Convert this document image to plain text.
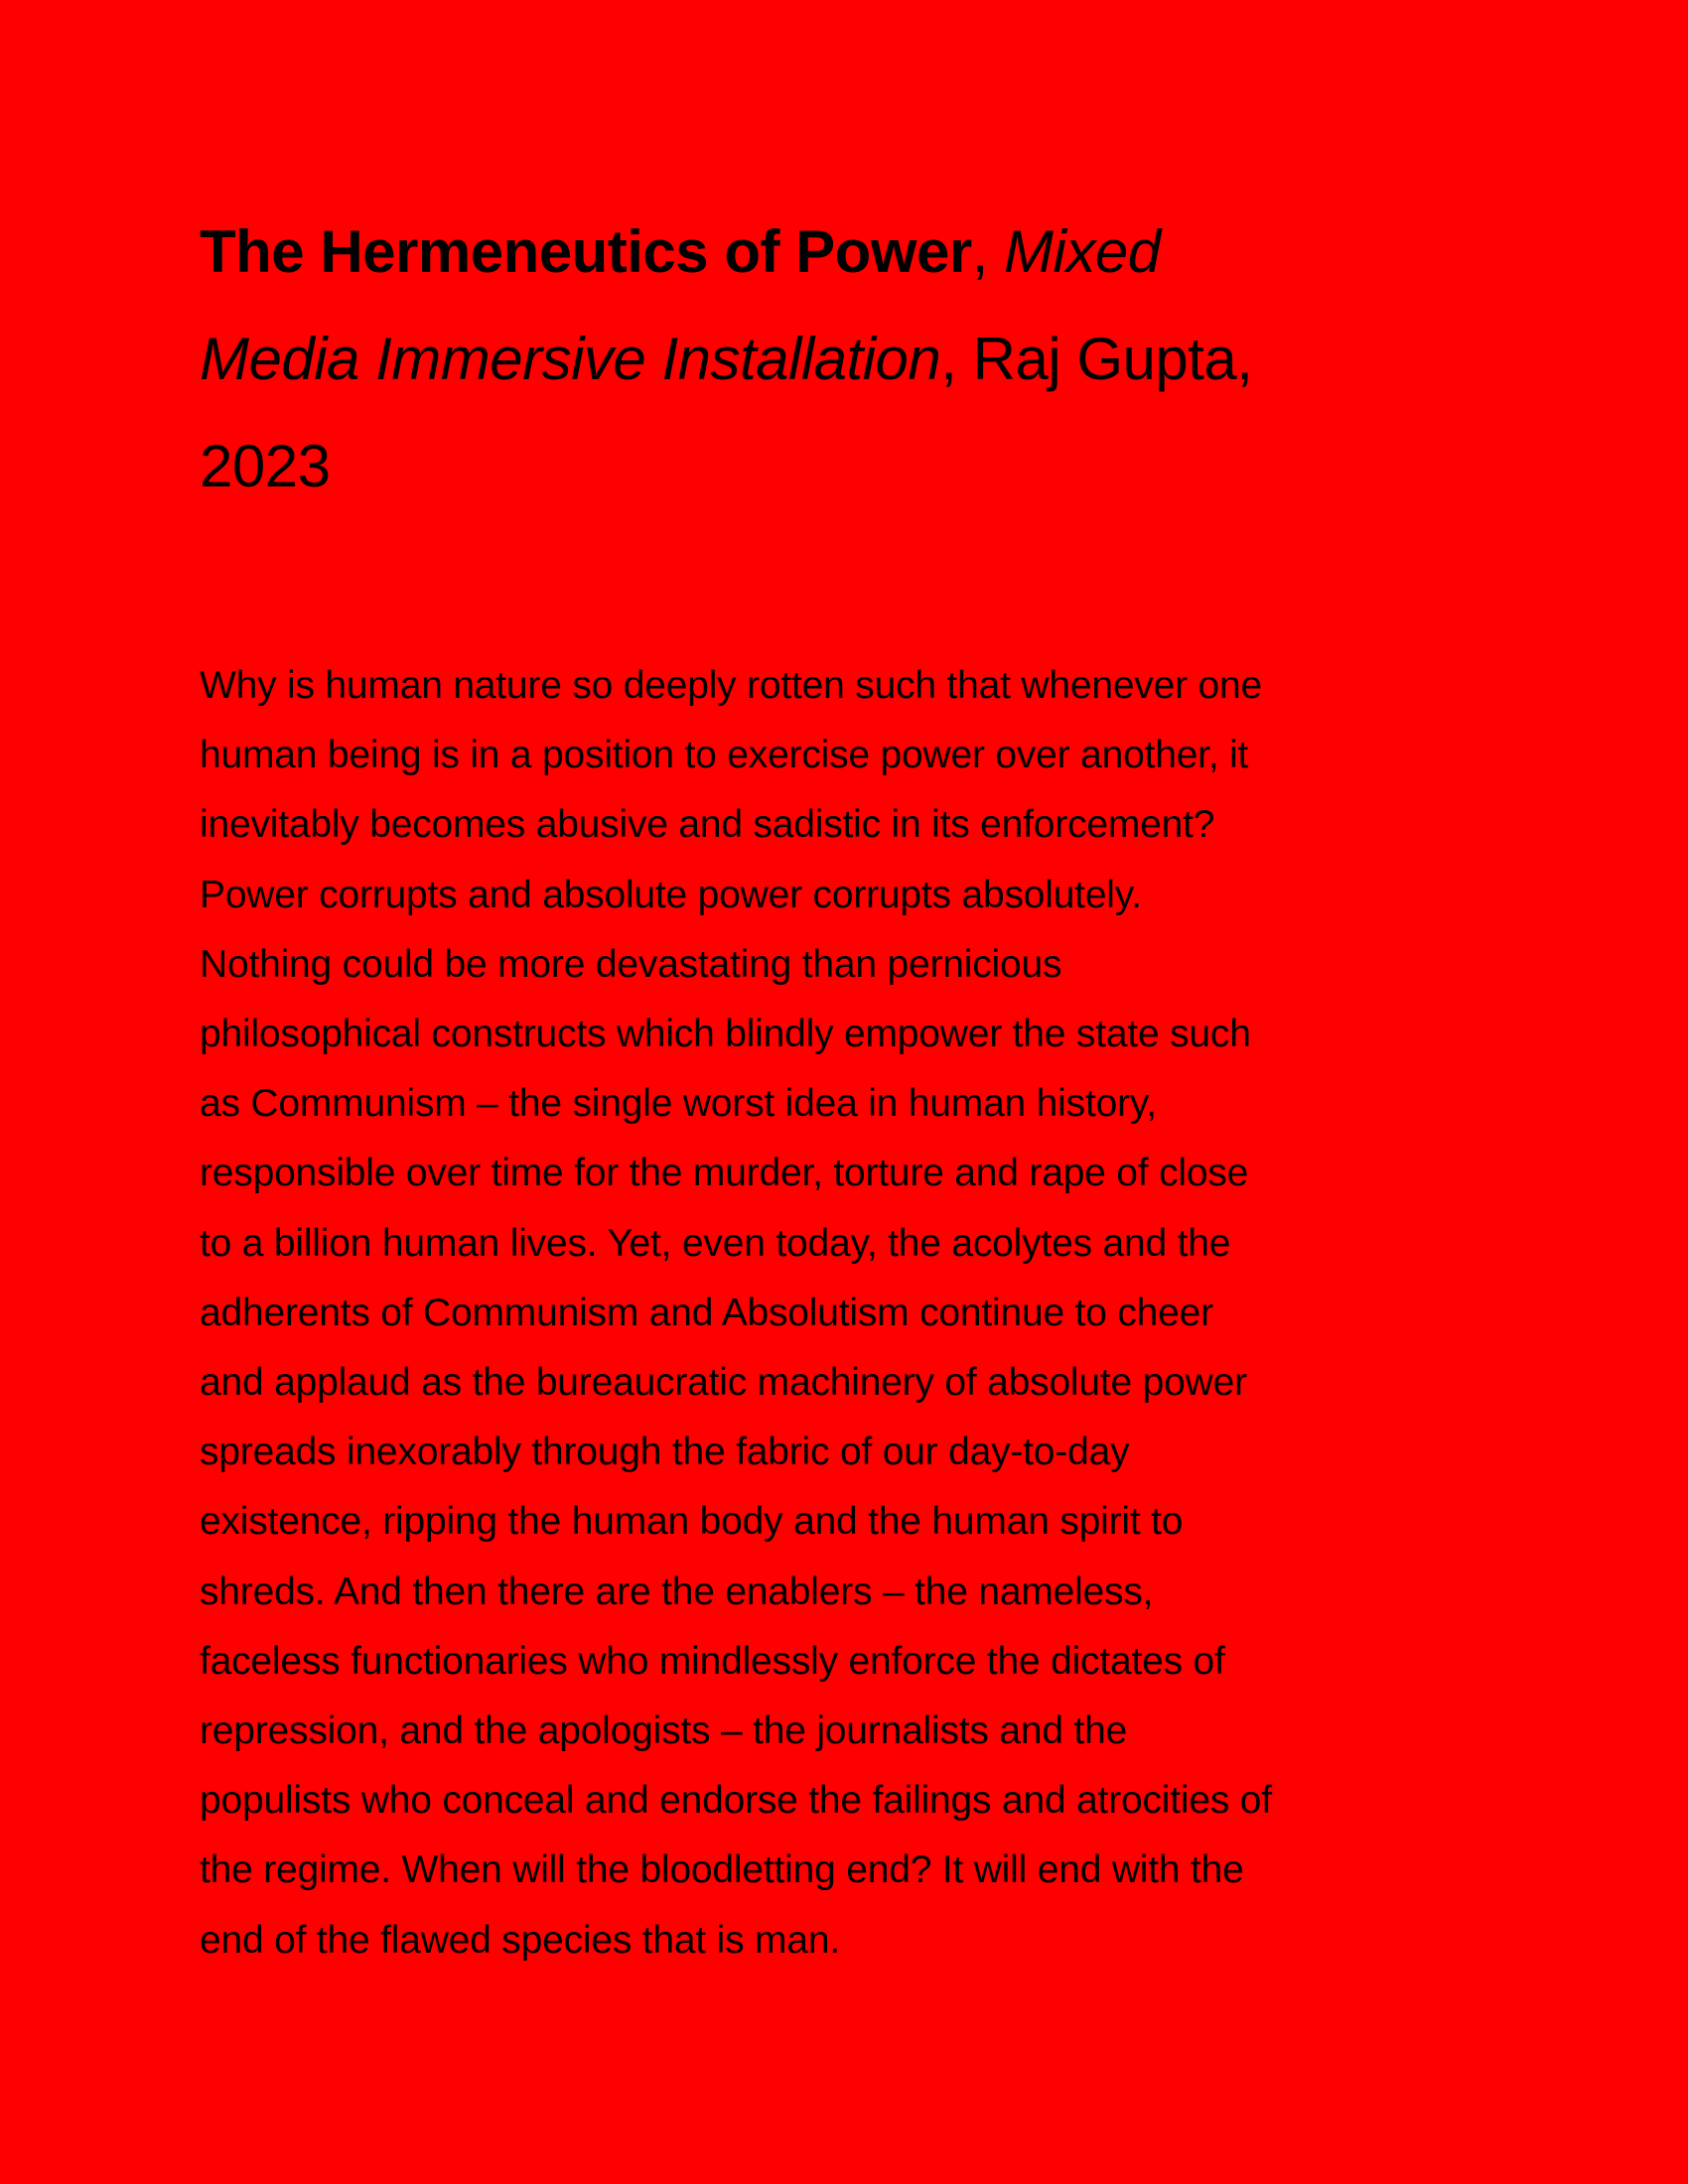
The Hermeneutics of Power, Mixed
Media Immersive Installation, Raj Gupta,
2023
Why is human nature so deeply rotten such that whenever one
human being is in a position to exercise power over another, it
inevitably becomes abusive and sadistic in its enforcement?
Power corrupts and absolute power corrupts absolutely.
Nothing could be more devastating than pernicious
philosophical constructs which blindly empower the state such
as Communism – the single worst idea in human history,
responsible over time for the murder, torture and rape of close
to a billion human lives. Yet, even today, the acolytes and the
adherents of Communism and Absolutism continue to cheer
and applaud as the bureaucratic machinery of absolute power
spreads inexorably through the fabric of our day-to-day
existence, ripping the human body and the human spirit to
shreds. And then there are the enablers – the nameless,
faceless functionaries who mindlessly enforce the dictates of
repression, and the apologists – the journalists and the
populists who conceal and endorse the failings and atrocities of
the regime. When will the bloodletting end? It will end with the
end of the flawed species that is man.
